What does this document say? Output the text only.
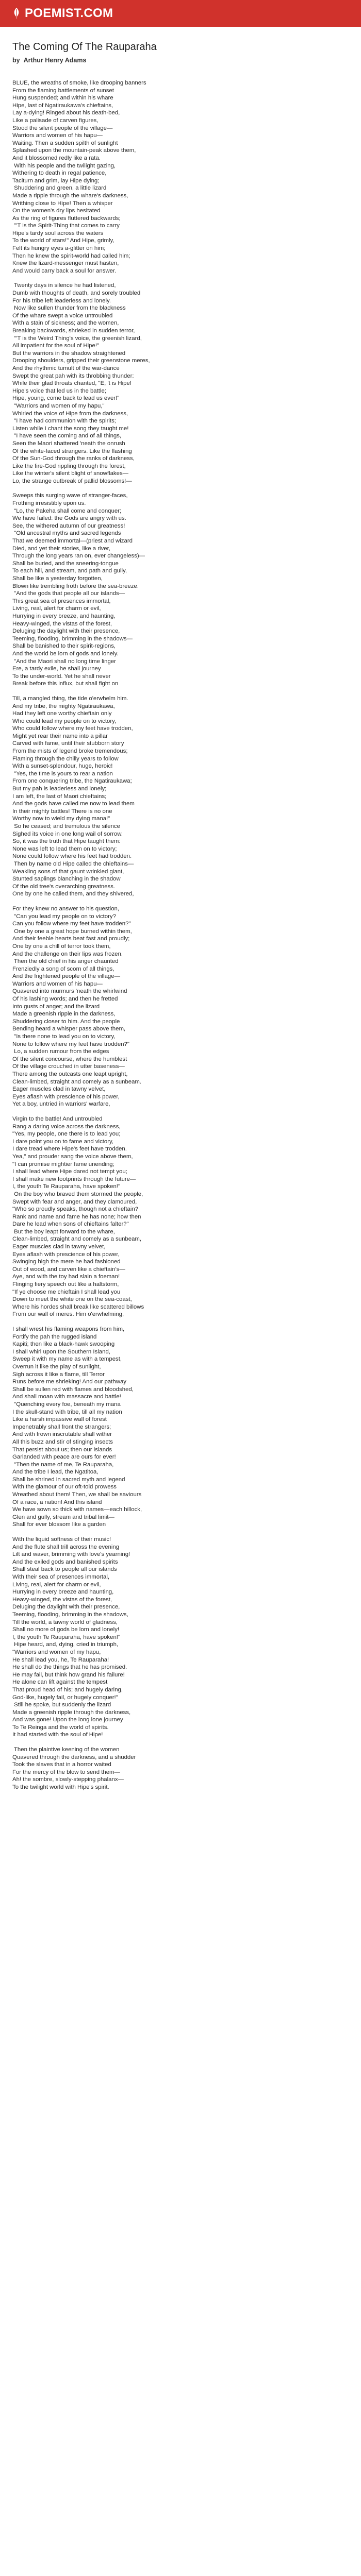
POEMIST.COM
The Coming Of The Rauparaha
by Arthur Henry Adams
BLUE, the wreaths of smoke, like drooping banners
From the flaming battlements of sunset
Hung suspended; and within his whare
Hipe, last of Ngatiraukawa's chieftains,
Lay a-dying! Ringed about his death-bed,
Like a palisade of carven figures,
Stood the silent people of the village—
Warriors and women of his hapu—
Waiting. Then a sudden spilth of sunlight
Splashed upon the mountain-peak above them,
And it blossomed redly like a rata.
With his people and the twilight gazing,
Withering to death in regal patience,
Taciturn and grim, lay Hipe dying;
Shuddering and green, a little lizard
Made a ripple through the whare's darkness,
Writhing close to Hipe! Then a whisper
On the women's dry lips hesitated
As the ring of figures fluttered backwards;
"'T is the Spirit-Thing that comes to carry
Hipe's tardy soul across the waters
To the world of stars!" And Hipe, grimly,
Felt its hungry eyes a-glitter on him;
Then he knew the spirit-world had called him;
Knew the lizard-messenger must hasten,
And would carry back a soul for answer.
Twenty days in silence he had listened,
Dumb with thoughts of death, and sorely troubled
For his tribe left leaderless and lonely.
Now like sullen thunder from the blackness
Of the whare swept a voice untroubled
With a stain of sickness; and the women,
Breaking backwards, shrieked in sudden terror,
"'T is the Weird Thing's voice, the greenish lizard,
All impatient for the soul of Hipe!"
But the warriors in the shadow straightened
Drooping shoulders, gripped their greenstone meres,
And the rhythmic tumult of the war-dance
Swept the great pah with its throbbing thunder:
While their glad throats chanted, "E, 't is Hipe!
Hipe's voice that led us in the battle;
Hipe, young, come back to lead us ever!"
"Warriors and women of my hapu,"
Whirled the voice of Hipe from the darkness,
"I have had communion with the spirits;
Listen while I chant the song they taught me!
"I have seen the coming and of all things,
Seen the Maori shattered 'neath the onrush
Of the white-faced strangers. Like the flashing
Of the Sun-God through the ranks of darkness,
Like the fire-God rippling through the forest,
Like the winter's silent blight of snowflakes—
Lo, the strange outbreak of pallid blossoms!—
Sweeps this surging wave of stranger-faces,
Frothing irresistibly upon us.
"Lo, the Pakeha shall come and conquer;
We have failed: the Gods are angry with us.
See, the withered autumn of our greatness!
"Old ancestral myths and sacred legends
That we deemed immortal—(priest and wizard
Died, and yet their stories, like a river,
Through the long years ran on, ever changeless)—
Shall be buried, and the sneering-tongue
To each hill, and stream, and path and gully,
Shall be like a yesterday forgotten,
Blown like trembling froth before the sea-breeze.
"And the gods that people all our islands—
This great sea of presences immortal,
Living, real, alert for charm or evil,
Hurrying in every breeze, and haunting,
Heavy-winged, the vistas of the forest,
Deluging the daylight with their presence,
Teeming, flooding, brimming in the shadows—
Shall be banished to their spirit-regions,
And the world be lorn of gods and lonely.
"And the Maori shall no long time linger
Ere, a tardy exile, he shall journey
To the under-world. Yet he shall never
Break before this influx, but shall fight on
Till, a mangled thing, the tide o'erwhelm him.
And my tribe, the mighty Ngatiraukawa,
Had they left one worthy chieftain only
Who could lead my people on to victory,
Who could follow where my feet have trodden,
Might yet rear their name into a pillar
Carved with fame, until their stubborn story
From the mists of legend broke tremendous;
Flaming through the chilly years to follow
With a sunset-splendour, huge, heroic!
"Yes, the time is yours to rear a nation
From one conquering tribe, the Ngatiraukawa;
But my pah is leaderless and lonely;
I am left, the last of Maori chieftains;
And the gods have called me now to lead them
In their mighty battles! There is no one
Worthy now to wield my dying mana!"
So he ceased; and tremulous the silence
Sighed its voice in one long wail of sorrow.
So, it was the truth that Hipe taught them:
None was left to lead them on to victory;
None could follow where his feet had trodden.
Then by name old Hipe called the chieftains—
Weakling sons of that gaunt wrinkled giant,
Stunted saplings blanching in the shadow
Of the old tree's overarching greatness.
One by one he called them, and they shivered,
For they knew no answer to his question,
"Can you lead my people on to victory?
Can you follow where my feet have trodden?"
One by one a great hope burned within them,
And their feeble hearts beat fast and proudly;
One by one a chill of terror took them,
And the challenge on their lips was frozen.
Then the old chief in his anger chaunted
Frenziedly a song of scorn of all things,
And the frightened people of the village—
Warriors and women of his hapu—
Quavered into murmurs 'neath the whirlwind
Of his lashing words; and then he fretted
Into gusts of anger; and the lizard
Made a greenish ripple in the darkness,
Shuddering closer to him. And the people
Bending heard a whisper pass above them,
"Is there none to lead you on to victory,
None to follow where my feet have trodden?"
Lo, a sudden rumour from the edges
Of the silent concourse, where the humblest
Of the village crouched in utter baseness—
There among the outcasts one leapt upright,
Clean-limbed, straight and comely as a sunbeam.
Eager muscles clad in tawny velvet,
Eyes aflash with prescience of his power,
Yet a boy, untried in warriors' warfare,
Virgin to the battle! And untroubled
Rang a daring voice across the darkness,
"Yes, my people, one there is to lead you;
I dare point you on to fame and victory,
I dare tread where Hipe's feet have trodden.
Yea," and prouder sang the voice above them,
"I can promise mightier fame unending;
I shall lead where Hipe dared not tempt you;
I shall make new footprints through the future—
I, the youth Te Rauparaha, have spoken!"
On the boy who braved them stormed the people,
Swept with fear and anger, and they clamoured,
"Who so proudly speaks, though not a chieftain?
Rank and name and fame he has none; how then
Dare he lead when sons of chieftains falter?"
But the boy leapt forward to the whare,
Clean-limbed, straight and comely as a sunbeam,
Eager muscles clad in tawny velvet,
Eyes aflash with prescience of his power,
Swinging high the mere he had fashioned
Out of wood, and carven like a chieftain's—
Aye, and with the toy had slain a foeman!
Flinging fiery speech out like a haltstorm,
"If ye choose me chieftain I shall lead you
Down to meet the white one on the sea-coast,
Where his hordes shall break like scattered billows
From our wall of meres. Him o'erwhelming,
I shall wrest his flaming weapons from him,
Fortify the pah the rugged island
Kapiti; then like a black-hawk swooping
I shall whirl upon the Southern Island,
Sweep it with my name as with a tempest,
Overrun it like the play of sunlight,
Sigh across it like a flame, till Terror
Runs before me shrieking! And our pathway
Shall be sullen red with flames and bloodshed,
And shall moan with massacre and battle!
"Quenching every foe, beneath my mana
I the skull-stand with tribe, till all my nation
Like a harsh impassive wall of forest
Impenetrably shall front the strangers;
And with frown inscrutable shall wither
All this buzz and stir of stinging insects
That persist about us; then our islands
Garlanded with peace are ours for ever!
"Then the name of me, Te Rauparaha,
And the tribe I lead, the Ngatitoa,
Shall be shrined in sacred myth and legend
With the glamour of our oft-told prowess
Wreathed about them! Then, we shall be saviours
Of a race, a nation! And this island
We have sown so thick with names—each hillock,
Glen and gully, stream and tribal limit—
Shall for ever blossom like a garden
With the liquid softness of their music!
And the flute shall trill across the evening
Lilt and waver, brimming with love's yearning!
And the exiled gods and banished spirits
Shall steal back to people all our islands
With their sea of presences immortal,
Living, real, alert for charm or evil,
Hurrying in every breeze and haunting,
Heavy-winged, the vistas of the forest,
Deluging the daylight with their presence,
Teeming, flooding, brimming in the shadows,
Till the world, a tawny world of gladness,
Shall no more of gods be lorn and lonely!
I, the youth Te Rauparaha, have spoken!"
Hipe heard, and, dying, cried in triumph,
"Warriors and women of my hapu,
He shall lead you, he, Te Rauparaha!
He shall do the things that he has promised.
He may fail, but think how grand his failure!
He alone can lift against the tempest
That proud head of his; and hugely daring,
God-like, hugely fail, or hugely conquer!"
Still he spoke, but suddenly the lizard
Made a greenish ripple through the darkness,
And was gone! Upon the long lone journey
To Te Reinga and the world of spirits.
It had started with the soul of Hipe!
Then the plaintive keening of the women
Quavered through the darkness, and a shudder
Took the slaves that in a horror waited
For the mercy of the blow to send them—
Ah! the sombre, slowly-stepping phalanx—
To the twilight world with Hipe's spirit.
